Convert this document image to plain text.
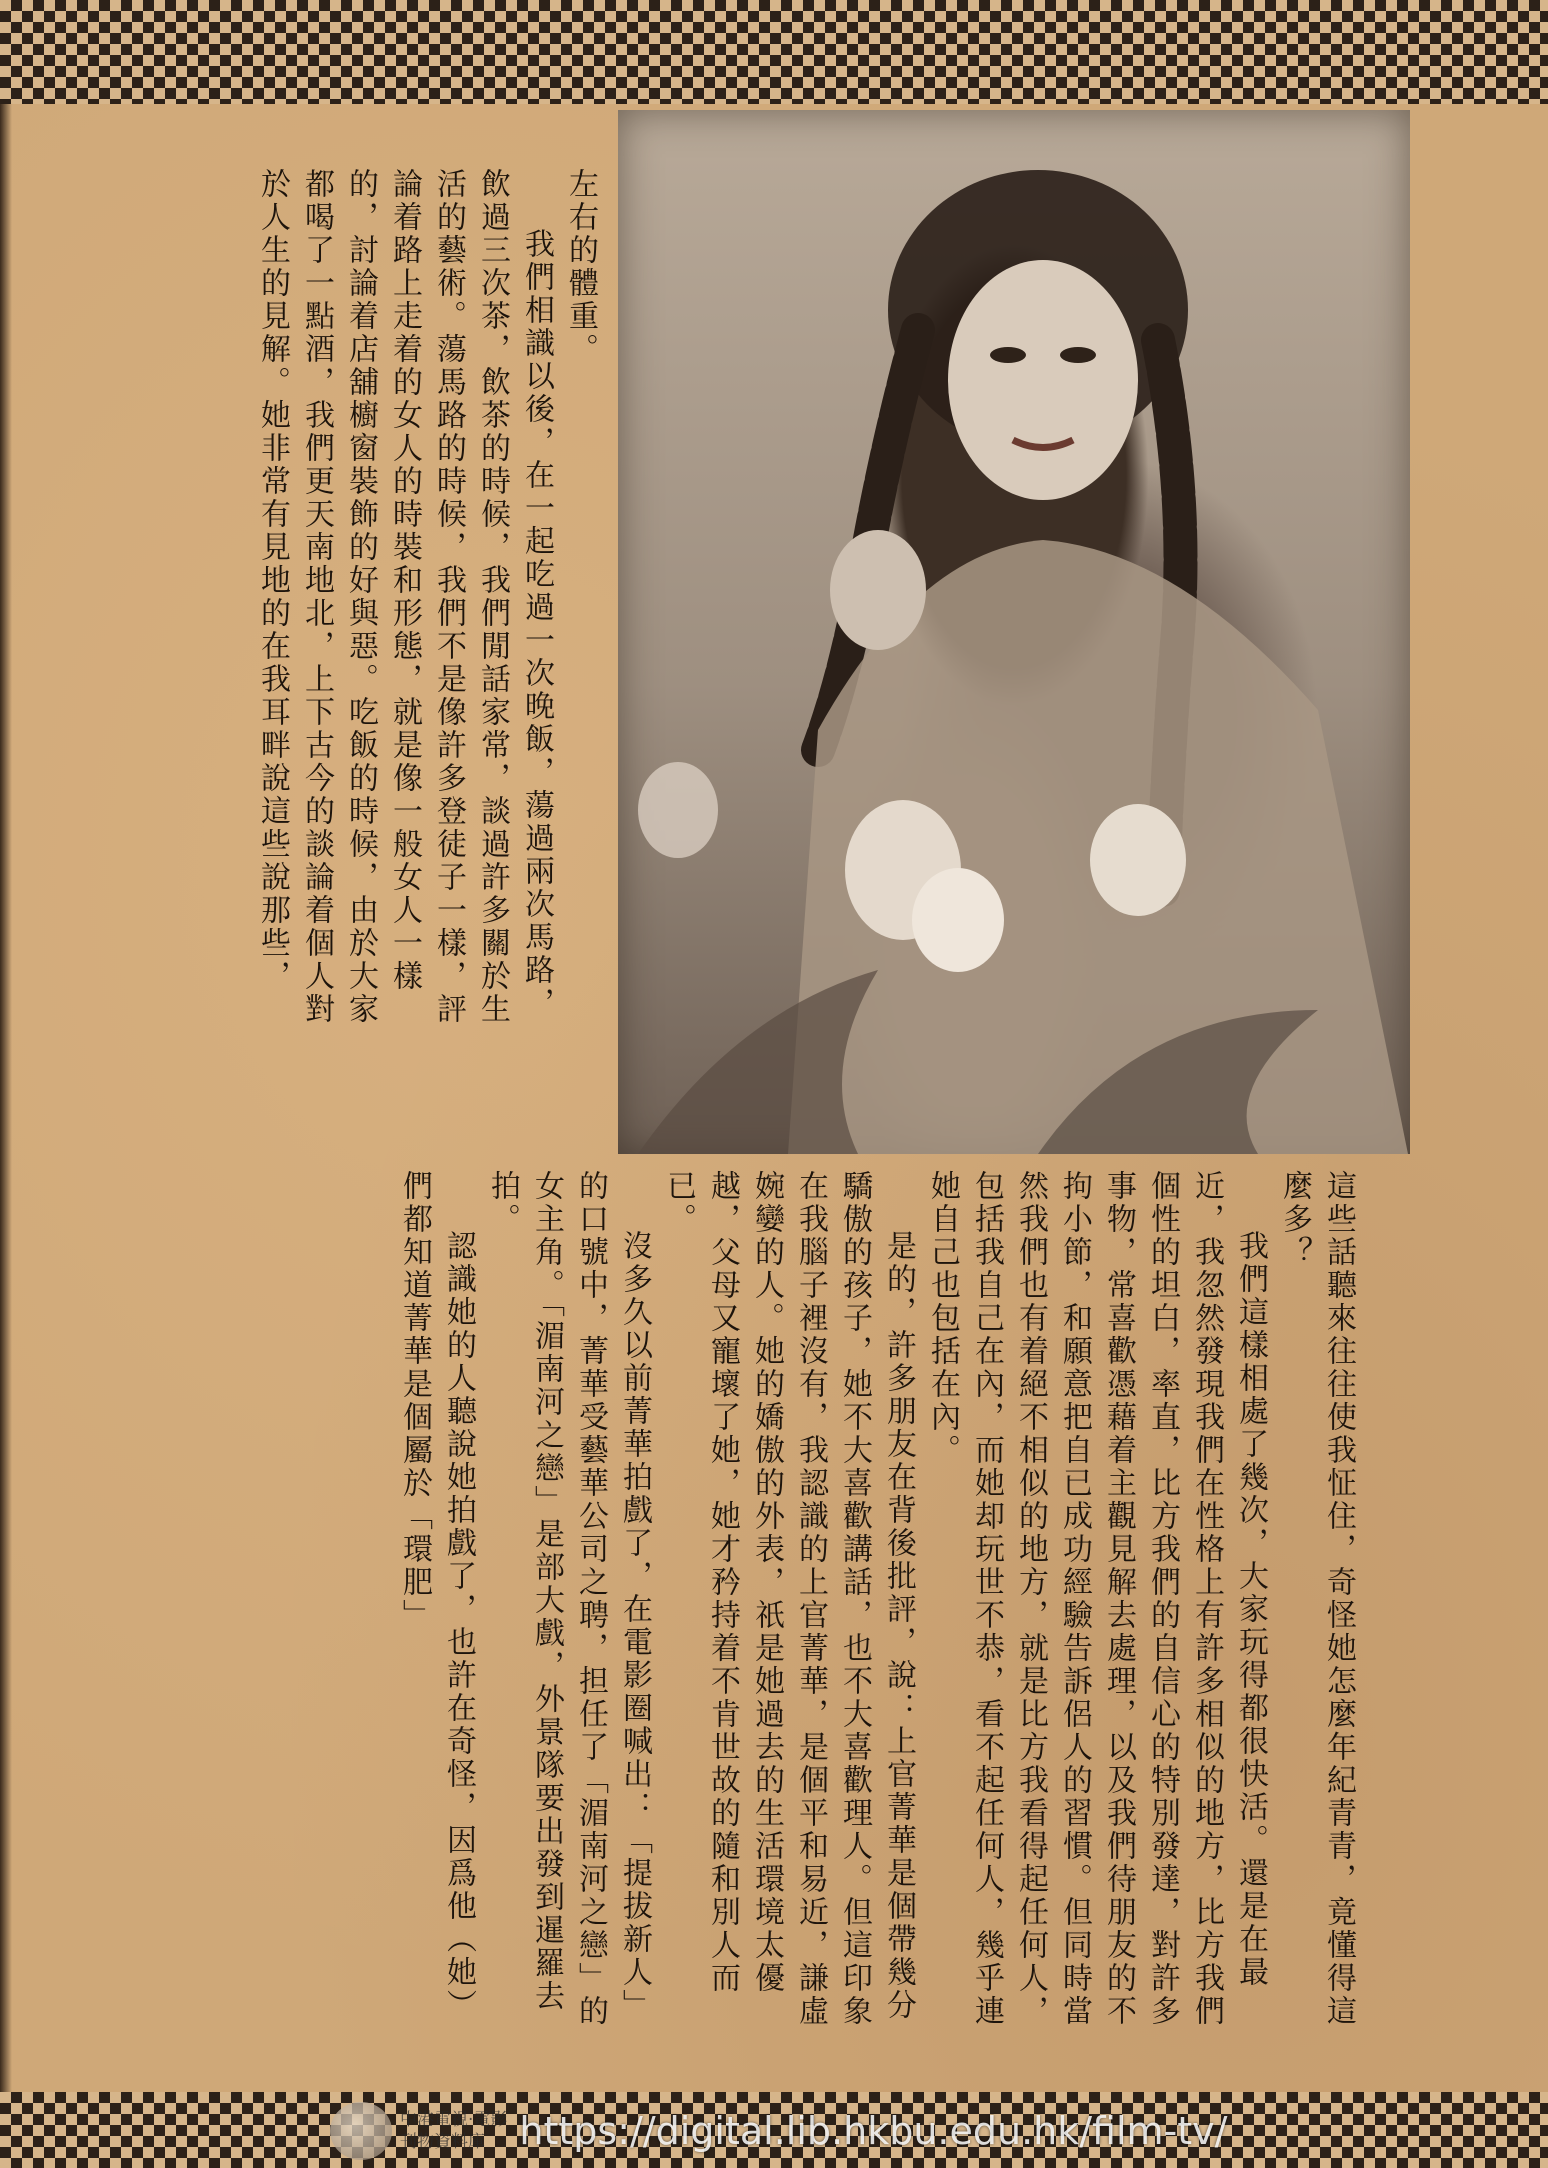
左右的體重。

我們相識以後，在一起吃過一次晚飯，蕩過兩次馬路，飲過三次茶，飲茶的時候，我們閒話家常，談過許多關於生活的藝術。蕩馬路的時候，我們不是像許多登徒子一樣，評論着路上走着的女人的時裝和形態，就是像一般女人一樣的，討論着店舖櫥窗裝飾的好與惡。吃飯的時候，由於大家都喝了一點酒，我們更天南地北，上下古今的談論着個人對於人生的見解。她非常有見地的在我耳畔說這些說那些，

這些話聽來往往使我怔住，奇怪她怎麼年紀青青，竟懂得這麼多？

我們這樣相處了幾次，大家玩得都很快活。還是在最近，我忽然發現我們在性格上有許多相似的地方，比方我們個性的坦白，率直，比方我們的自信心的特別發達，對許多事物，常喜歡憑藉着主觀見解去處理，以及我們待朋友的不拘小節，和願意把自已成功經驗告訴侶人的習慣。但同時當然我們也有着絕不相似的地方，就是比方我看得起任何人，包括我自己在內，而她却玩世不恭，看不起任何人，幾乎連她自己也包括在內。

是的，許多朋友在背後批評，說：上官菁華是個帶幾分驕傲的孩子，她不大喜歡講話，也不大喜歡理人。但這印象在我腦子裡沒有，我認識的上官菁華，是個平和易近，謙虛婉孌的人。她的嬌傲的外表，祇是她過去的生活環境太優越，父母又寵壞了她，她才矜持着不肯世故的隨和別人而已。

沒多久以前菁華拍戲了，在電影圈喊出：「提拔新人」的口號中，菁華受藝華公司之聘，担任了「湄南河之戀」的女主角。「湄南河之戀」是部大戲，外景隊要出發到暹羅去拍。

認識她的人聽說她拍戲了，也許在奇怪，因爲他（她）們都知道菁華是個屬於「環肥」

中港電視·電影
刊物資料庫 https://digital.lib.hkbu.edu.hk/film-tv/
